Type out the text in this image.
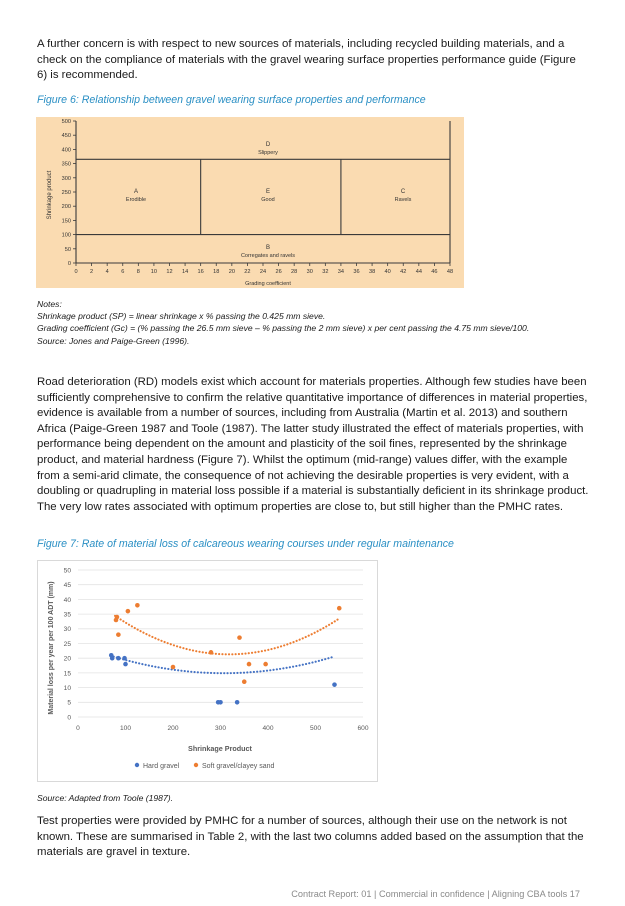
A further concern is with respect to new sources of materials, including recycled building materials, and a check on the compliance of materials with the gravel wearing surface properties performance guide (Figure 6) is recommended.

Figure 6: Relationship between gravel wearing surface properties and performance

500
450
400
350
300
250
200
150
100
50
0
0 2 4 6 8 10 12 14 16 18 20 22 24 26 28 30 32 34 36 38 40 42 44 46 48
Shrinkage product
Grading coefficient
A
Erodible
E
Good
C
Ravels
D
Slippery
B
Corregates and ravels
Notes:
Shrinkage product (SP) = linear shrinkage x % passing the 0.425 mm sieve.
Grading coefficient (Gc) = (% passing the 26.5 mm sieve – % passing the 2 mm sieve) x per cent passing the 4.75 mm sieve/100.
Source: Jones and Paige-Green (1996).

Road deterioration (RD) models exist which account for materials properties. Although few studies have been sufficiently comprehensive to confirm the relative quantitative importance of differences in material properties, evidence is available from a number of sources, including from Australia (Martin et al. 2013) and southern Africa (Paige-Green 1987 and Toole (1987). The latter study illustrated the effect of materials properties, with performance being dependent on the amount and plasticity of the soil fines, represented by the shrinkage product, and material hardness (Figure 7). Whilst the optimum (mid-range) values differ, with the example from a semi-arid climate, the consequence of not achieving the desirable properties is very evident, with a doubling or quadrupling in material loss possible if a material is substantially deficient in its shrinkage product. The very low rates associated with optimum properties are close to, but still higher than the PMHC rates.

Figure 7: Rate of material loss of calcareous wearing courses under regular maintenance

0
5
10
15
20
25
30
35
40
45
50
0	100	200	300	400	500	600
Material loss per year per 100 ADT (mm)
Shrinkage Product
Hard gravel	Soft gravel/clayey sand

Source: Adapted from Toole (1987).

Test properties were provided by PMHC for a number of sources, although their use on the network is not known. These are summarised in Table 2, with the last two columns added based on the assumption that the materials are gravel in texture.

Contract Report: 01 | Commercial in confidence | Aligning CBA tools 17
